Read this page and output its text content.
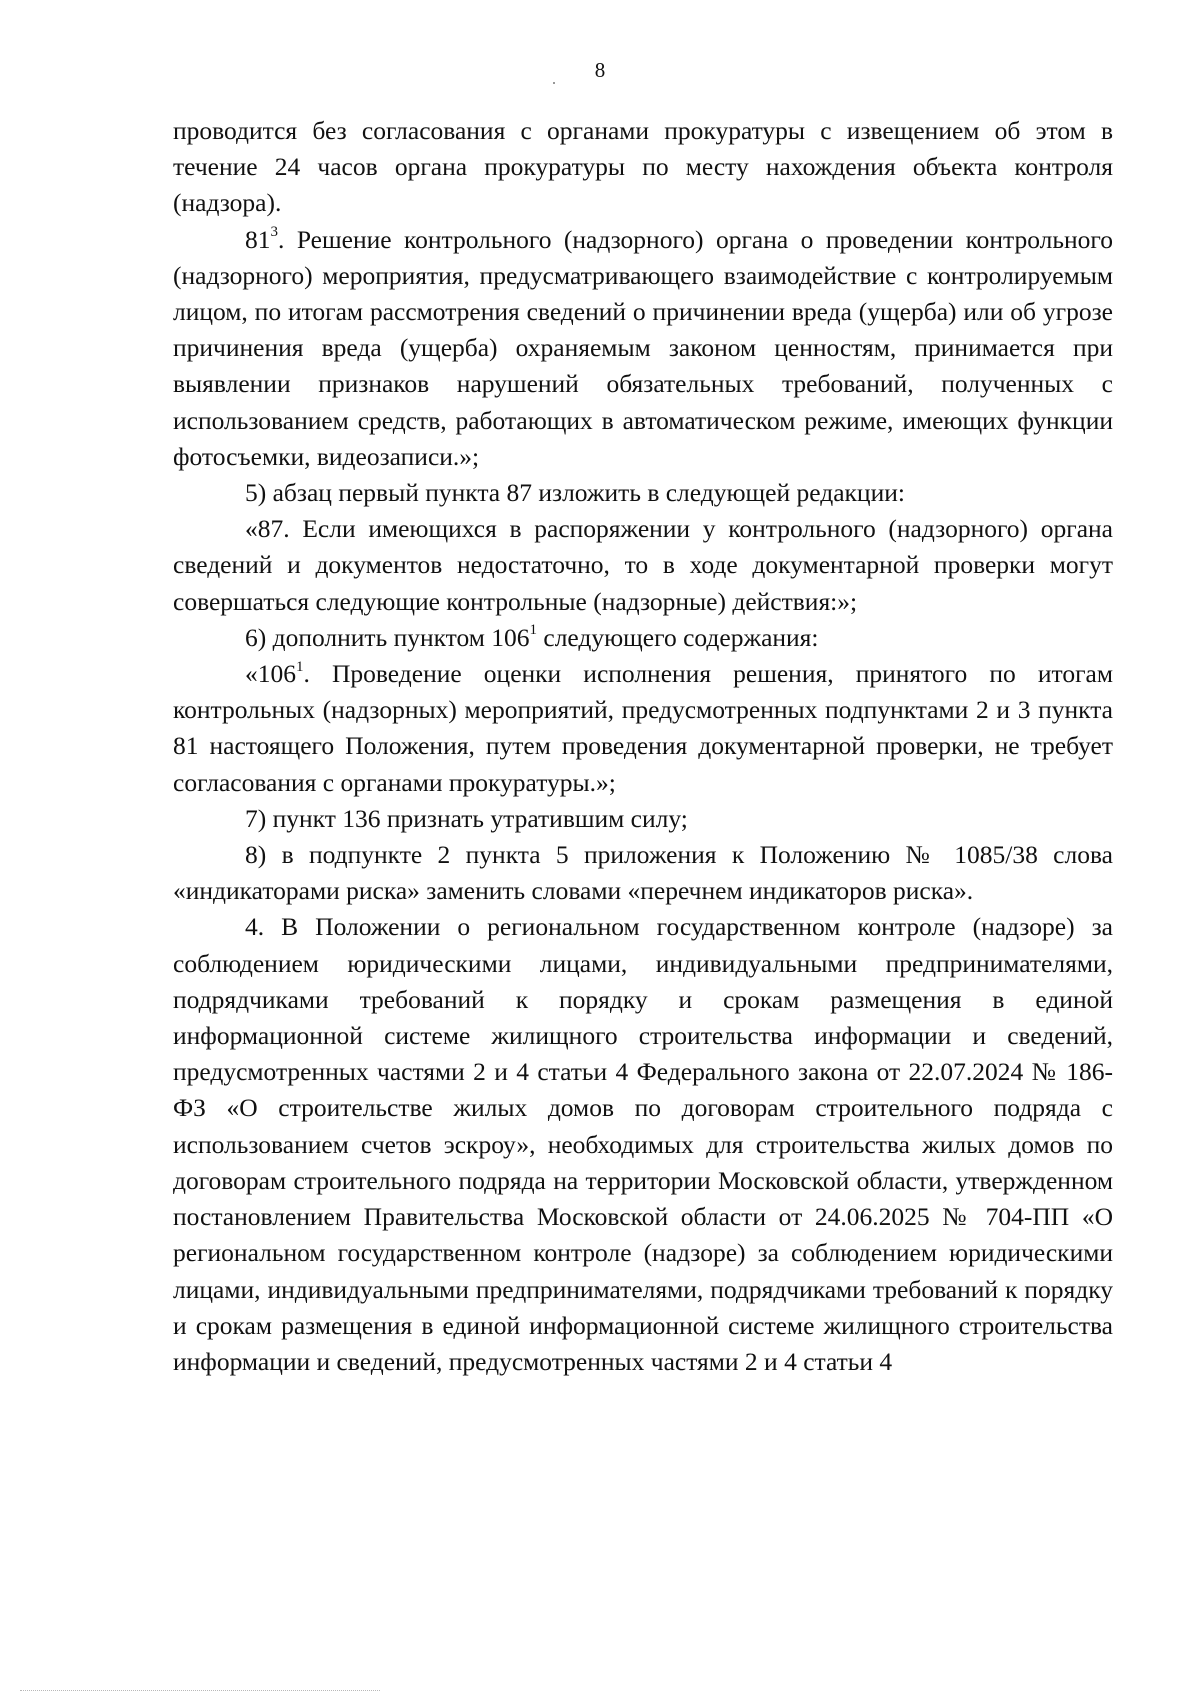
8

проводится без согласования с органами прокуратуры с извещением об этом в течение 24 часов органа прокуратуры по месту нахождения объекта контроля (надзора).

$81^3$. Решение контрольного (надзорного) органа о проведении контрольного (надзорного) мероприятия, предусматривающего взаимодействие с контролируемым лицом, по итогам рассмотрения сведений о причинении вреда (ущерба) или об угрозе причинения вреда (ущерба) охраняемым законом ценностям, принимается при выявлении признаков нарушений обязательных требований, полученных с использованием средств, работающих в автоматическом режиме, имеющих функции фотосъемки, видеозаписи.»;

5) абзац первый пункта 87 изложить в следующей редакции:

«87. Если имеющихся в распоряжении у контрольного (надзорного) органа сведений и документов недостаточно, то в ходе документарной проверки могут совершаться следующие контрольные (надзорные) действия:»;

6) дополнить пунктом $106^1$ следующего содержания:

«$106^1$. Проведение оценки исполнения решения, принятого по итогам контрольных (надзорных) мероприятий, предусмотренных подпунктами 2 и 3 пункта 81 настоящего Положения, путем проведения документарной проверки, не требует согласования с органами прокуратуры.»;

7) пункт 136 признать утратившим силу;

8) в подпункте 2 пункта 5 приложения к Положению № 1085/38 слова «индикаторами риска» заменить словами «перечнем индикаторов риска».

4. В Положении о региональном государственном контроле (надзоре) за соблюдением юридическими лицами, индивидуальными предпринимателями, подрядчиками требований к порядку и срокам размещения в единой информационной системе жилищного строительства информации и сведений, предусмотренных частями 2 и 4 статьи 4 Федерального закона от 22.07.2024 № 186-ФЗ «О строительстве жилых домов по договорам строительного подряда с использованием счетов эскроу», необходимых для строительства жилых домов по договорам строительного подряда на территории Московской области, утвержденном постановлением Правительства Московской области от 24.06.2025 № 704-ПП «О региональном государственном контроле (надзоре) за соблюдением юридическими лицами, индивидуальными предпринимателями, подрядчиками требований к порядку и срокам размещения в единой информационной системе жилищного строительства информации и сведений, предусмотренных частями 2 и 4 статьи 4
